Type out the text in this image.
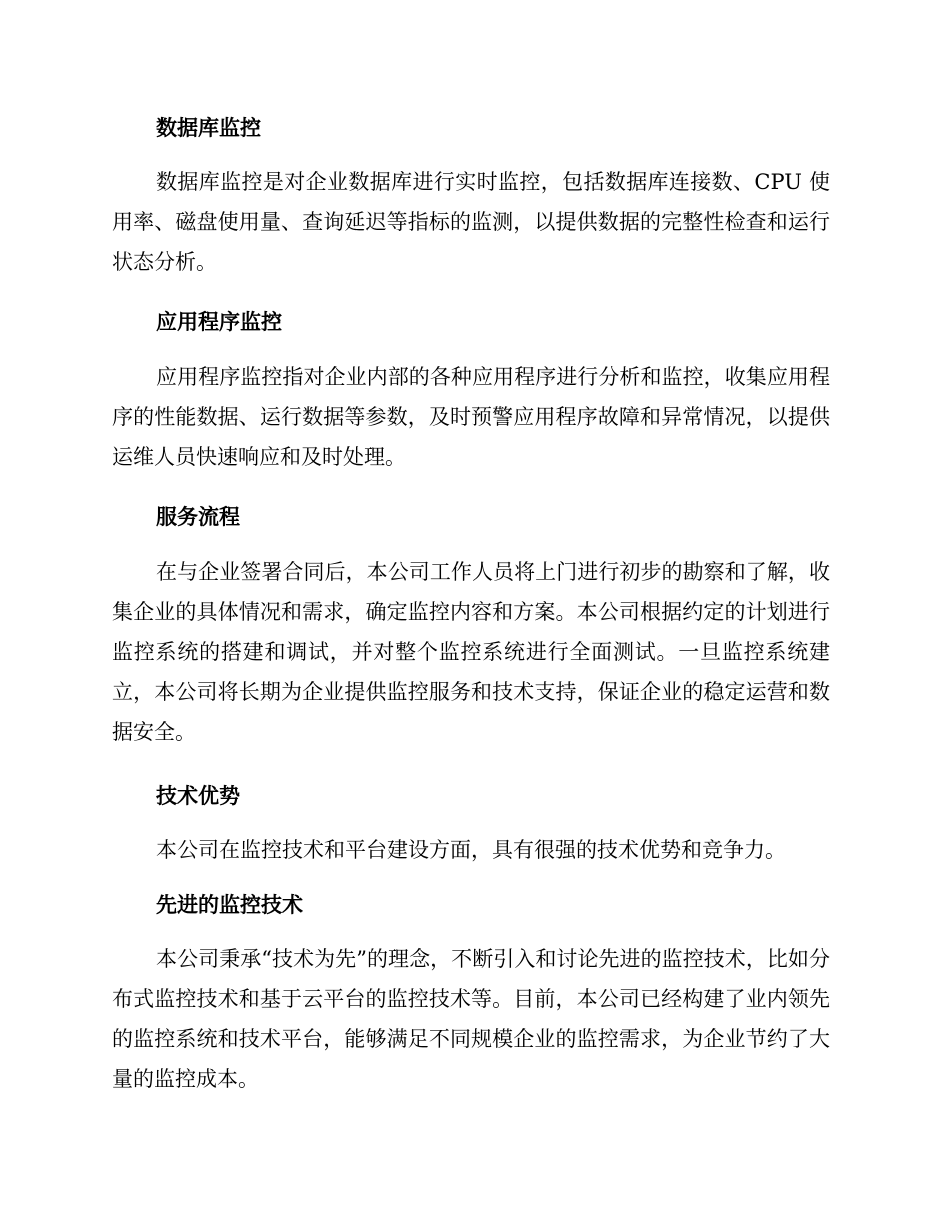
数据库监控

数据库监控是对企业数据库进行实时监控，包括数据库连接数、CPU 使用率、磁盘使用量、查询延迟等指标的监测，以提供数据的完整性检查和运行状态分析。

应用程序监控

应用程序监控指对企业内部的各种应用程序进行分析和监控，收集应用程序的性能数据、运行数据等参数，及时预警应用程序故障和异常情况，以提供运维人员快速响应和及时处理。

服务流程

在与企业签署合同后，本公司工作人员将上门进行初步的勘察和了解，收集企业的具体情况和需求，确定监控内容和方案。本公司根据约定的计划进行监控系统的搭建和调试，并对整个监控系统进行全面测试。一旦监控系统建立，本公司将长期为企业提供监控服务和技术支持，保证企业的稳定运营和数据安全。

技术优势

本公司在监控技术和平台建设方面，具有很强的技术优势和竞争力。

先进的监控技术

本公司秉承“技术为先”的理念，不断引入和讨论先进的监控技术，比如分布式监控技术和基于云平台的监控技术等。目前，本公司已经构建了业内领先的监控系统和技术平台，能够满足不同规模企业的监控需求，为企业节约了大量的监控成本。
